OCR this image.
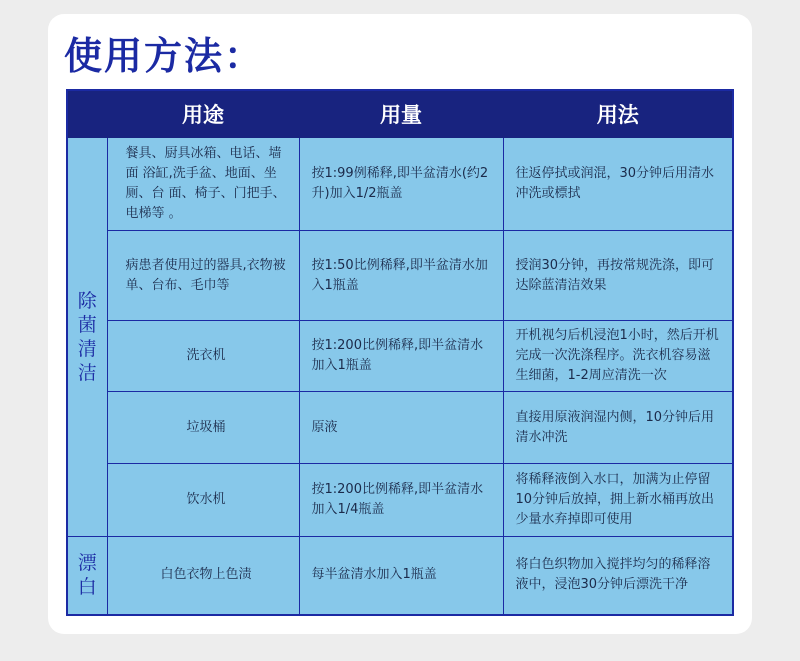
使用方法：
	用途	用量	用法

除菌清洁	餐具、厨具冰箱、电话、墙面 浴缸,洗手盆、地面、坐厕、台 面、椅子、门把手、电梯等 。	按1:99例稀释,即半盆清水(约2升)加入1/2瓶盖	往返停拭或润混，30分钟后用清水冲洗或標拭
	病患者使用过的器具,衣物被 单、台布、毛巾等	按1:50比例稀释,即半盆清水加入1瓶盖	授润30分钟，再按常规洗涤，即可达除蓝清洁效果
	洗衣机	按1:200比例稀释,即半盆清水加入1瓶盖	开机视匀后机浸泡1小时，然后开机完成一次洗涤程序。洗衣机容易滋生细菌，1-2周应清洗一次
	垃圾桶	原液	直接用原液润湿内侧，10分钟后用清水冲洗
	饮水机	按1:200比例稀释,即半盆清水加入1/4瓶盖	将稀释液倒入水口，加满为止停留10分钟后放掉，拥上新水桶再放出少量水弃掉即可使用

漂白	白色衣物上色渍	每半盆清水加入1瓶盖	将白色织物加入搅拌均匀的稀释溶液中，浸泡30分钟后漂洗干净
